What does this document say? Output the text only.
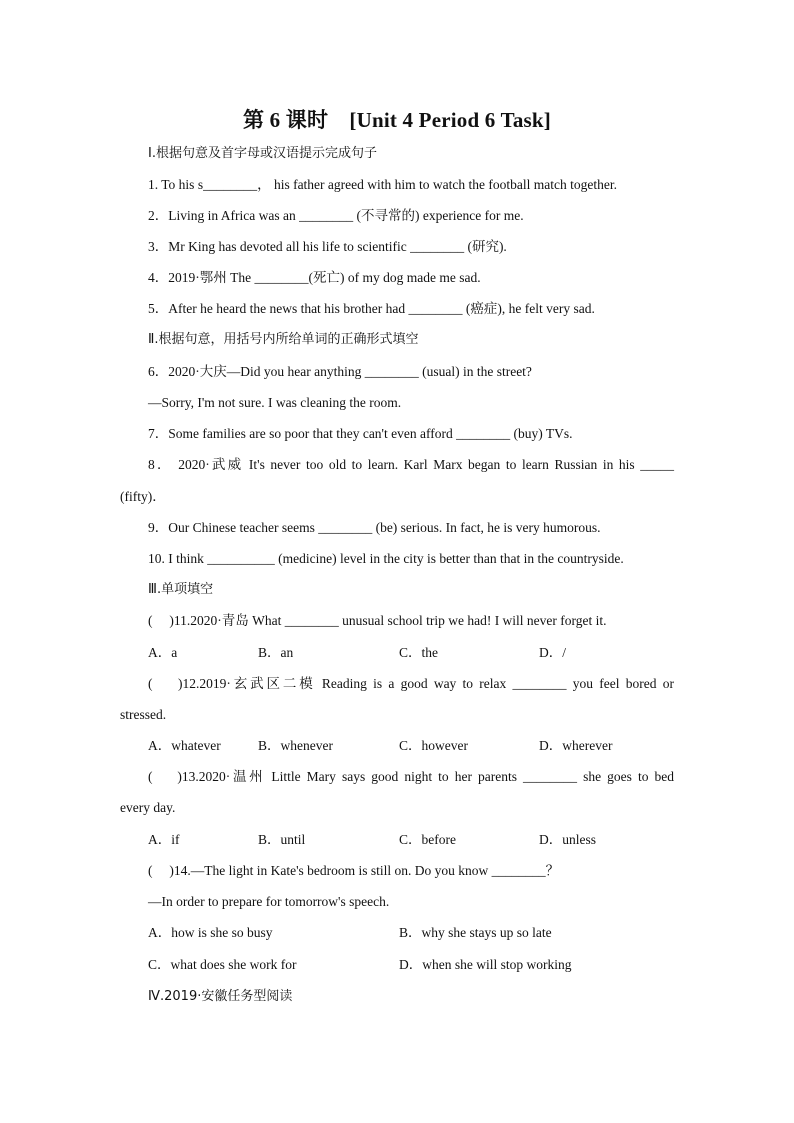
第 6 课时　[Unit 4 Period 6 Task]
Ⅰ.根据句意及首字母或汉语提示完成句子
1. To his s________， his father agreed with him to watch the football match together.
2．Living in Africa was an ________ (不寻常的) experience for me.
3．Mr King has devoted all his life to scientific ________ (研究).
4．2019·鄂州 The ________(死亡) of my dog made me sad.
5．After he heard the news that his brother had ________ (癌症), he felt very sad.
Ⅱ.根据句意，用括号内所给单词的正确形式填空
6．2020·大庆—Did you hear anything ________ (usual) in the street?
—Sorry, I'm not sure. I was cleaning the room.
7．Some families are so poor that they can't even afford ________ (buy) TVs.
8． 2020·武威 It's never too old to learn. Karl Marx began to learn Russian in his _____
(fifty)．
9．Our Chinese teacher seems ________ (be) serious. In fact, he is very humorous.
10. I think __________ (medicine) level in the city is better than that in the countryside.
Ⅲ.单项填空
(　 )11.2020·青岛 What ________ unusual school trip we had! I will never forget it.
A．a	B．an	C．the	D．/
(　 )12.2019·玄武区二模 Reading is a good way to relax ________ you feel bored or
stressed.
A．whatever	B．whenever	C．however	D．wherever
(　 )13.2020·温州 Little Mary says good night to her parents ________ she goes to bed
every day.
A．if	B．until	C．before	D．unless
(　 )14.—The light in Kate's bedroom is still on. Do you know ________？
—In order to prepare for tomorrow's speech.
A．how is she so busy	B．why she stays up so late
C．what does she work for	D．when she will stop working
Ⅳ.2019·安徽任务型阅读
